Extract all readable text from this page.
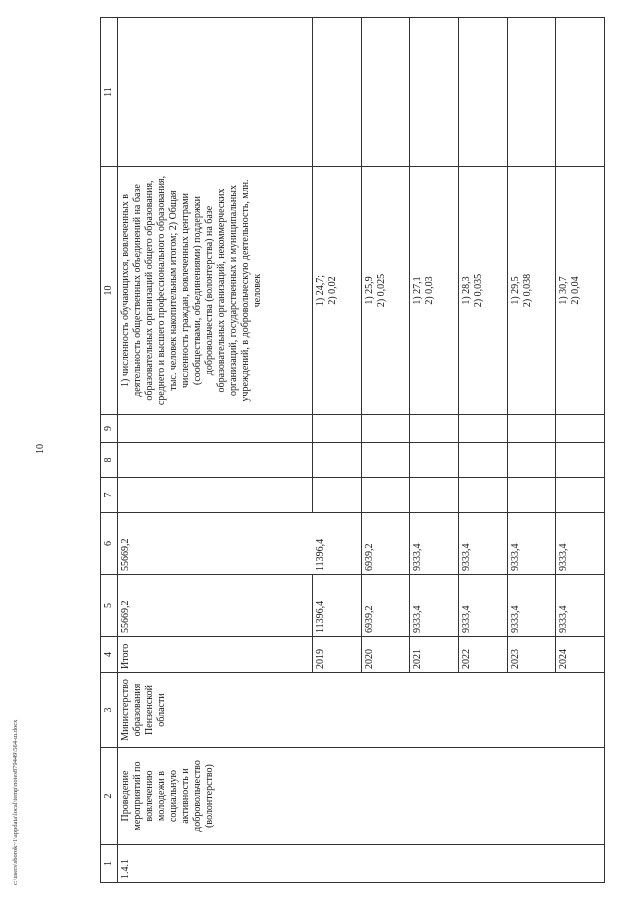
c:\users\sborok~1\appdata\local\temp\notes879449\564-ш.docx
10
1	2	3	4	5	6	7	8	9	10	11
1.4.1	Проведение мероприятий по вовлечению молодежи в социальную активность и добровольчество (волонтерство)	Министерство образования Пензенской области	Итого	55669,2	55669,2				1) численность обучающихся, вовлеченных в деятельность общественных объединений на базе образовательных организаций общего образования, среднего и высшего профессионального образования, тыс. человек накопительным итогом; 2) Общая численность граждан, вовлеченных центрами (сообществами, объединениями) поддержки добровольчества (волонтерства) на базе образовательных организаций, некоммерческих организаций, государственных и муниципальных учреждений, в добровольческую деятельность, млн. человек	
			2019	11396,4	11396,4				1) 24,7;
2) 0,02	
			2020	6939,2	6939,2				1) 25,9
2) 0,025	
			2021	9333,4	9333,4				1) 27,1
2) 0,03	
			2022	9333,4	9333,4				1) 28,3
2) 0,035	
			2023	9333,4	9333,4				1) 29,5
2) 0,038	
			2024	9333,4	9333,4				1) 30,7
2) 0,04	
